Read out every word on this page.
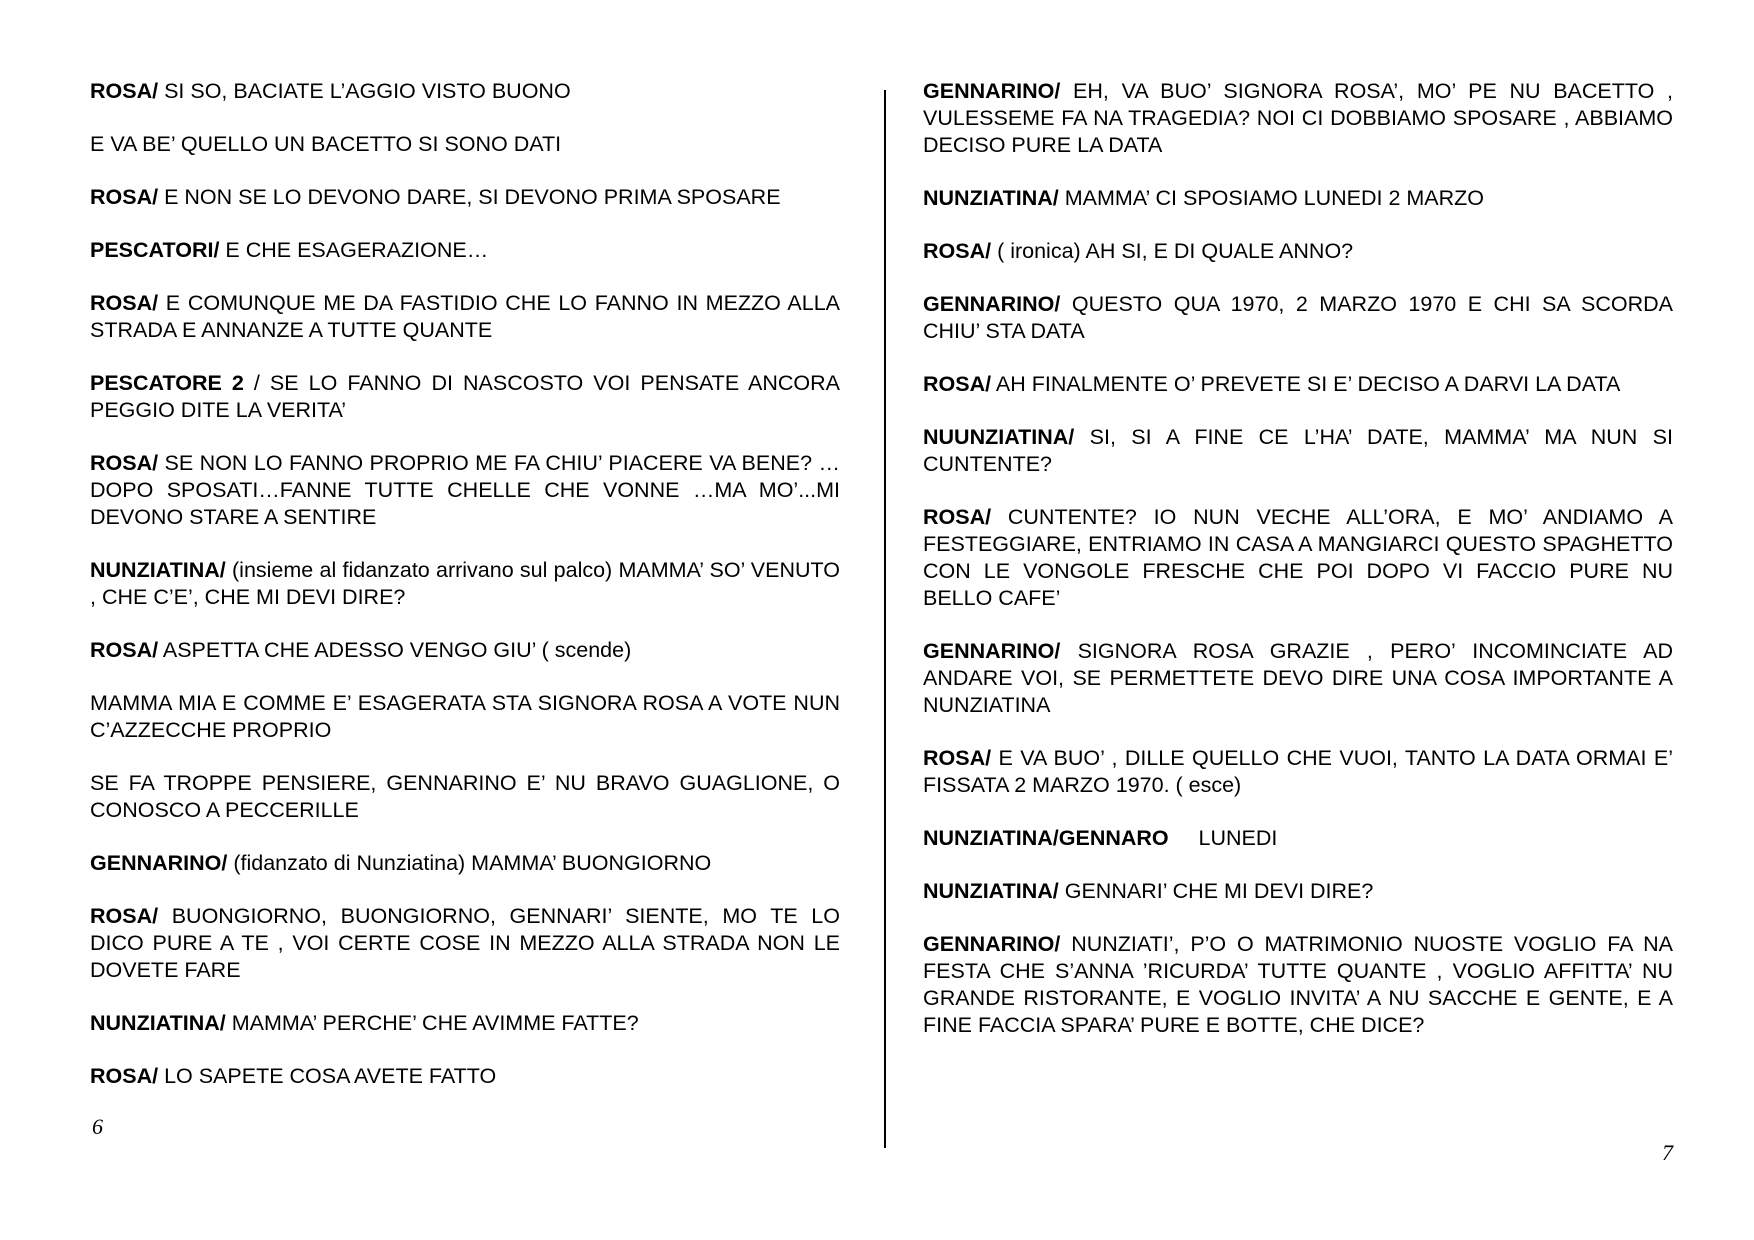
ROSA/ SI SO, BACIATE L’AGGIO VISTO BUONO

E VA BE’ QUELLO UN BACETTO SI SONO DATI

ROSA/ E NON SE LO DEVONO DARE, SI DEVONO PRIMA SPOSARE

PESCATORI/ E CHE ESAGERAZIONE…

ROSA/ E COMUNQUE ME DA FASTIDIO CHE LO FANNO IN MEZZO ALLA STRADA E ANNANZE A TUTTE QUANTE

PESCATORE 2 / SE LO FANNO DI NASCOSTO VOI PENSATE ANCORA PEGGIO DITE LA VERITA’

ROSA/ SE NON LO FANNO PROPRIO ME FA CHIU’ PIACERE VA BENE? …DOPO SPOSATI…FANNE TUTTE CHELLE CHE VONNE …MA MO’...MI DEVONO STARE A SENTIRE

NUNZIATINA/ (insieme al fidanzato arrivano sul palco) MAMMA’ SO’ VENUTO , CHE C’E’, CHE MI DEVI DIRE?

ROSA/ ASPETTA CHE ADESSO VENGO GIU’ ( scende)

MAMMA MIA E COMME E’ ESAGERATA STA SIGNORA ROSA A VOTE NUN C’AZZECCHE PROPRIO

SE FA TROPPE PENSIERE, GENNARINO E’ NU BRAVO GUAGLIONE, O CONOSCO A PECCERILLE

GENNARINO/ (fidanzato di Nunziatina) MAMMA’ BUONGIORNO

ROSA/ BUONGIORNO, BUONGIORNO, GENNARI’ SIENTE, MO TE LO DICO PURE A TE , VOI CERTE COSE IN MEZZO ALLA STRADA NON LE DOVETE FARE

NUNZIATINA/ MAMMA’ PERCHE’ CHE AVIMME FATTE?

ROSA/ LO SAPETE COSA AVETE FATTO

GENNARINO/ EH, VA BUO’ SIGNORA ROSA’, MO’ PE NU BACETTO , VULESSEME FA NA TRAGEDIA? NOI CI DOBBIAMO SPOSARE , ABBIAMO DECISO PURE LA DATA

NUNZIATINA/ MAMMA’ CI SPOSIAMO LUNEDI 2 MARZO

ROSA/ ( ironica) AH SI, E DI QUALE ANNO?

GENNARINO/ QUESTO QUA 1970, 2 MARZO 1970 E CHI SA SCORDA CHIU’ STA DATA

ROSA/ AH FINALMENTE O’ PREVETE SI E’ DECISO A DARVI LA DATA

NUUNZIATINA/ SI, SI A FINE CE L’HA’ DATE, MAMMA’ MA NUN SI CUNTENTE?

ROSA/ CUNTENTE? IO NUN VECHE ALL’ORA, E MO’ ANDIAMO A FESTEGGIARE, ENTRIAMO IN CASA A MANGIARCI QUESTO SPAGHETTO CON LE VONGOLE FRESCHE CHE POI DOPO VI FACCIO PURE NU BELLO CAFE’

GENNARINO/ SIGNORA ROSA GRAZIE , PERO’ INCOMINCIATE AD ANDARE VOI, SE PERMETTETE DEVO DIRE UNA COSA IMPORTANTE A NUNZIATINA

ROSA/ E VA BUO’ , DILLE QUELLO CHE VUOI, TANTO LA DATA ORMAI E’ FISSATA 2 MARZO 1970. ( esce)

NUNZIATINA/GENNARO     LUNEDI

NUNZIATINA/ GENNARI’ CHE MI DEVI DIRE?

GENNARINO/ NUNZIATI’, P’O O MATRIMONIO NUOSTE VOGLIO FA NA FESTA CHE S’ANNA ’RICURDA’ TUTTE QUANTE , VOGLIO AFFITTA’ NU GRANDE RISTORANTE, E VOGLIO INVITA’ A NU SACCHE E GENTE, E A FINE FACCIA SPARA’ PURE E BOTTE, CHE DICE?

6
7
